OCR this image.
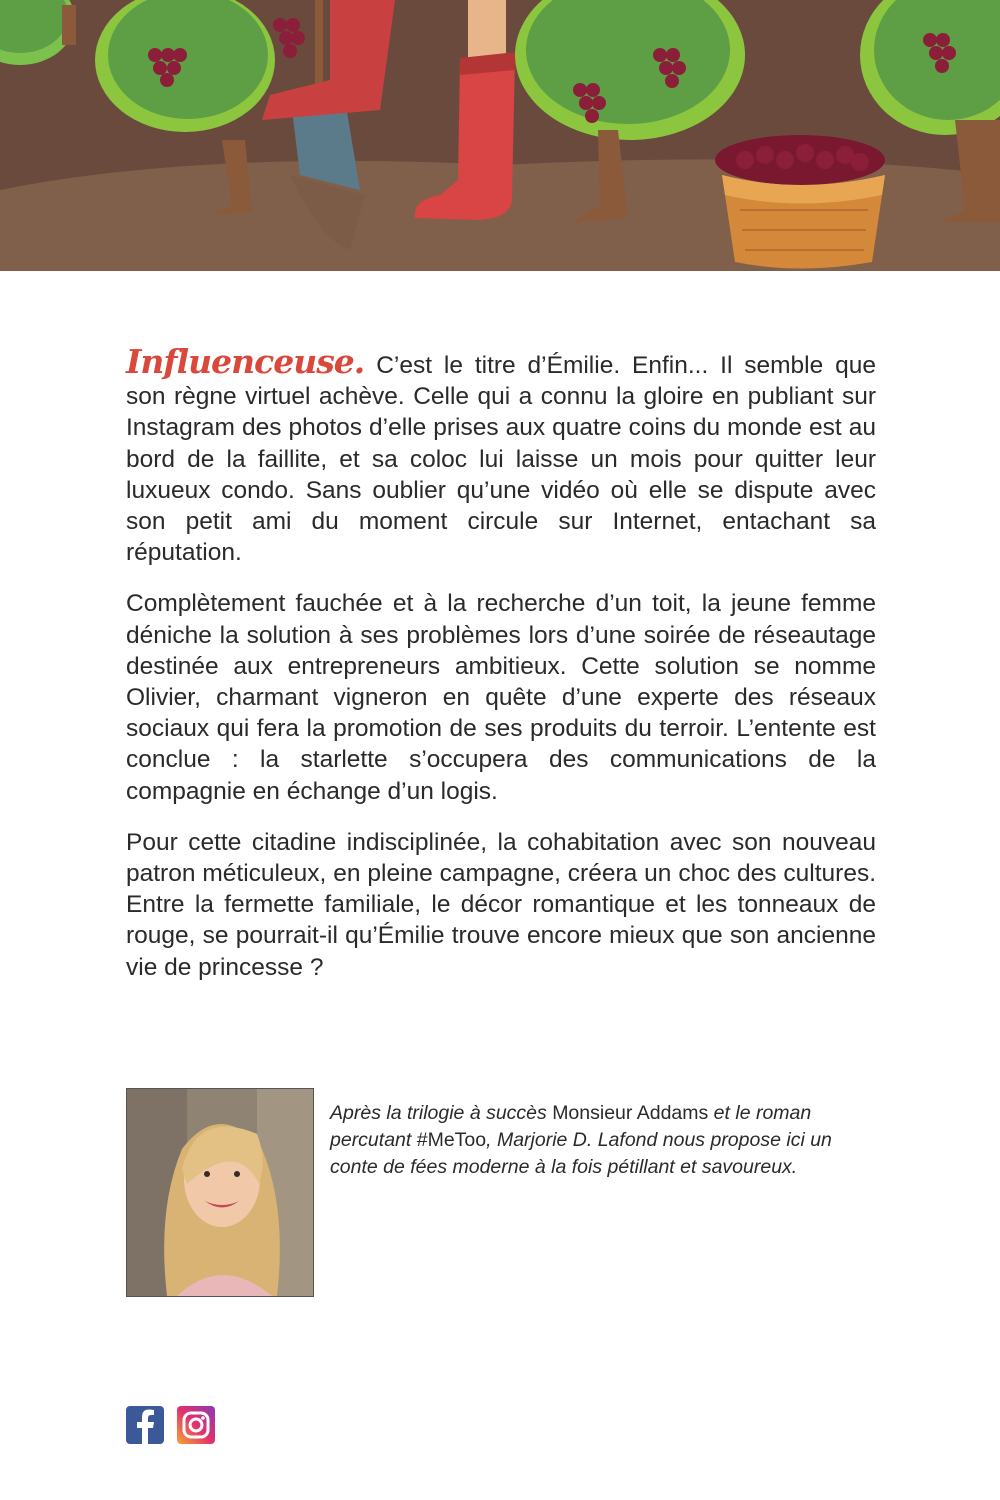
Influenceuse. C’est le titre d’Émilie. Enfin... Il semble que son règne virtuel achève. Celle qui a connu la gloire en publiant sur Instagram des photos d’elle prises aux quatre coins du monde est au bord de la faillite, et sa coloc lui laisse un mois pour quitter leur luxueux condo. Sans oublier qu’une vidéo où elle se dispute avec son petit ami du moment circule sur Internet, entachant sa réputation.

Complètement fauchée et à la recherche d’un toit, la jeune femme déniche la solution à ses problèmes lors d’une soirée de réseautage destinée aux entrepreneurs ambitieux. Cette solution se nomme Olivier, charmant vigneron en quête d’une experte des réseaux sociaux qui fera la promotion de ses produits du terroir. L’entente est conclue : la starlette s’occupera des communications de la compagnie en échange d’un logis.

Pour cette citadine indisciplinée, la cohabitation avec son nouveau patron méticuleux, en pleine campagne, créera un choc des cultures. Entre la fermette familiale, le décor romantique et les tonneaux de rouge, se pourrait-il qu’Émilie trouve encore mieux que son ancienne vie de princesse ?

Après la trilogie à succès Monsieur Addams et le roman percutant #MeToo, Marjorie D. Lafond nous propose ici un conte de fées moderne à la fois pétillant et savoureux.
